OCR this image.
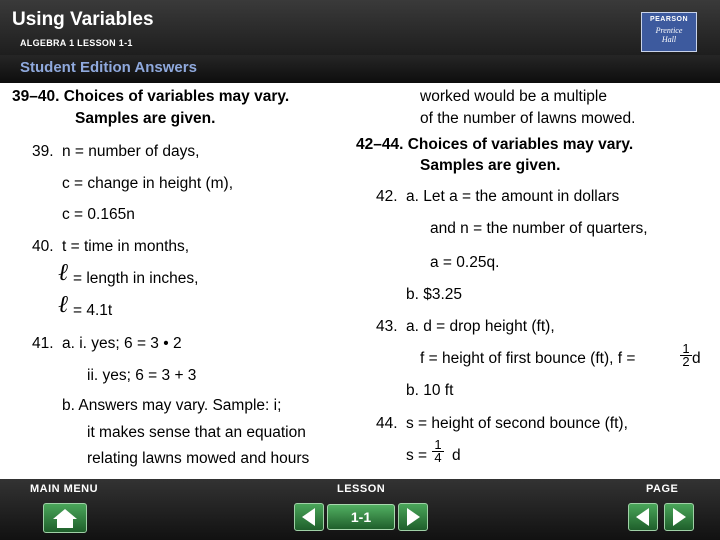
Using Variables
ALGEBRA 1 LESSON 1-1
PEARSON
Prentice
Hall
Student Edition Answers
39–40. Choices of variables may vary.
Samples are given.
39. n = number of days,
c = change in height (m),
c = 0.165n
40. t = time in months,
ℓ = length in inches,
ℓ = 4.1t
41. a. i. yes; 6 = 3 • 2
ii. yes; 6 = 3 + 3
b. Answers may vary. Sample: i;
it makes sense that an equation
relating lawns mowed and hours
worked would be a multiple
of the number of lawns mowed.
42–44. Choices of variables may vary.
Samples are given.
42. a. Let a = the amount in dollars
and n = the number of quarters,
a = 0.25q.
b. $3.25
43. a. d = drop height (ft),
f = height of first bounce (ft), f =	$\frac{1}{2}$ d
b. 10 ft
44. s = height of second bounce (ft),
$s = \frac{1}{4}$ d
MAIN MENU	LESSON	PAGE
1-1
